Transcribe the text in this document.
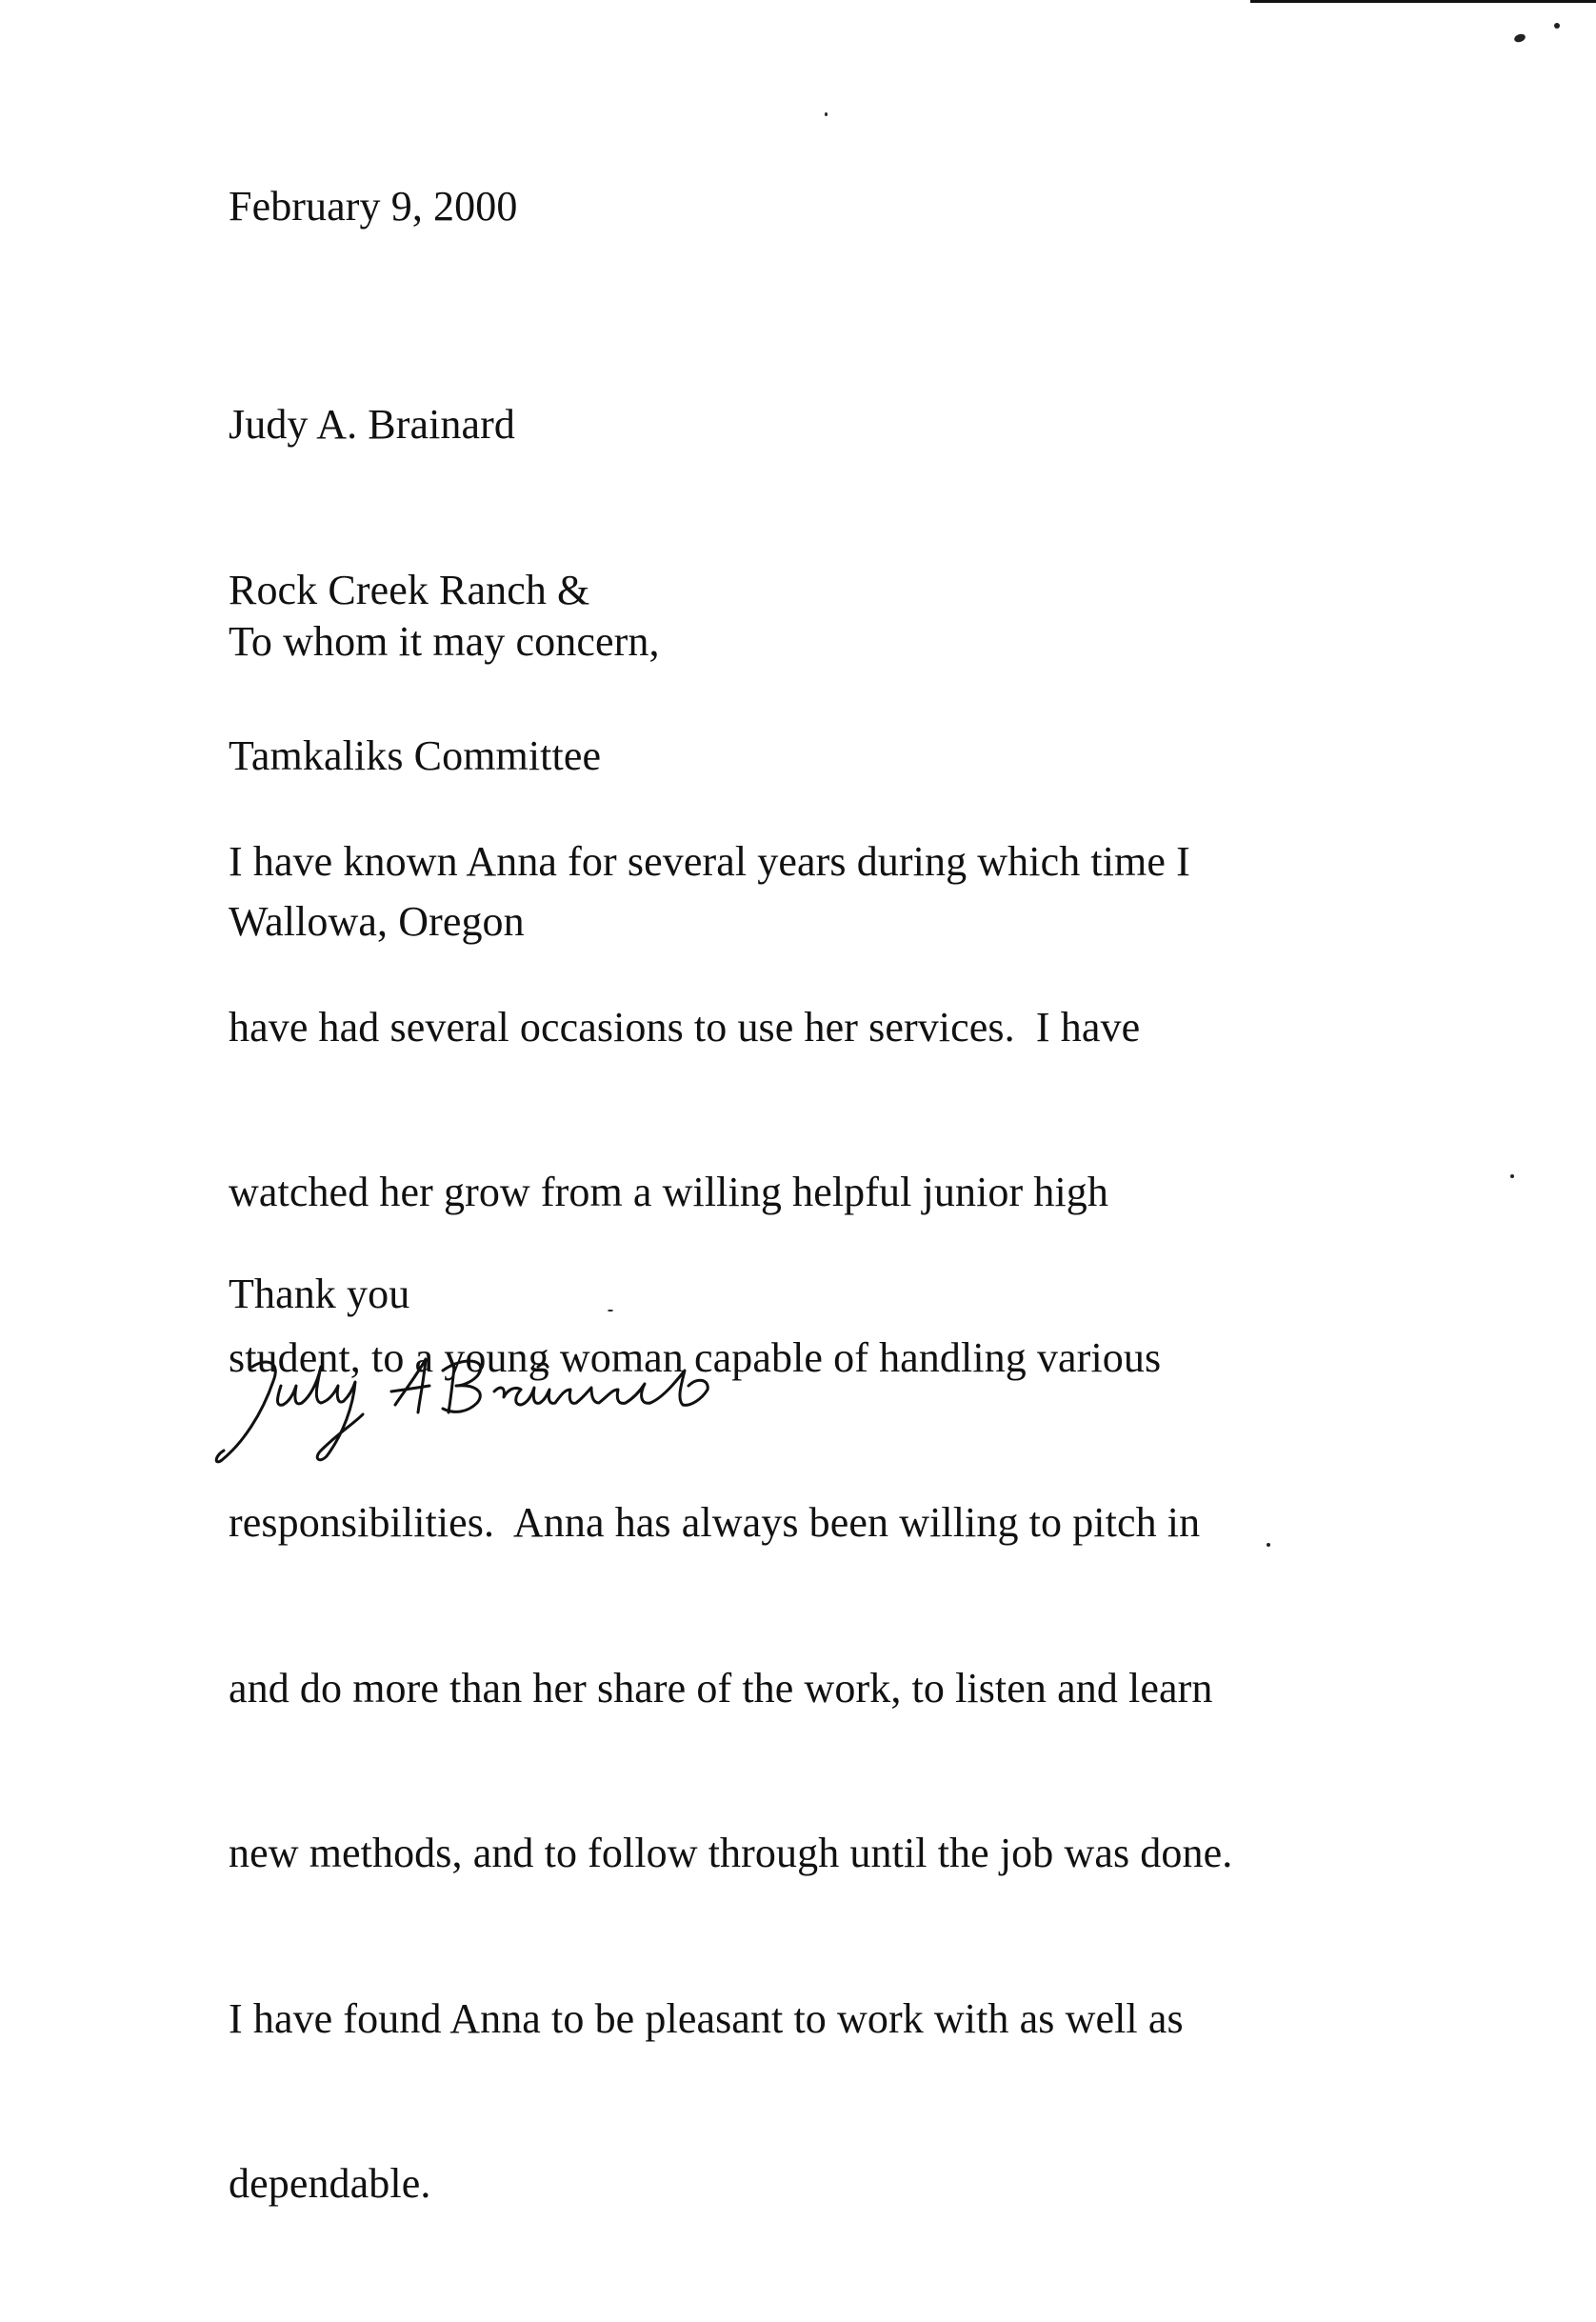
February 9, 2000

Judy A. Brainard

Rock Creek Ranch &

Tamkaliks Committee

Wallowa, Oregon

To whom it may concern,

I have known Anna for several years during which time I

have had several occasions to use her services.  I have

watched her grow from a willing helpful junior high

student, to a young woman capable of handling various

responsibilities.  Anna has always been willing to pitch in

and do more than her share of the work, to listen and learn

new methods, and to follow through until the job was done.

I have found Anna to be pleasant to work with as well as

dependable.

Thank you
